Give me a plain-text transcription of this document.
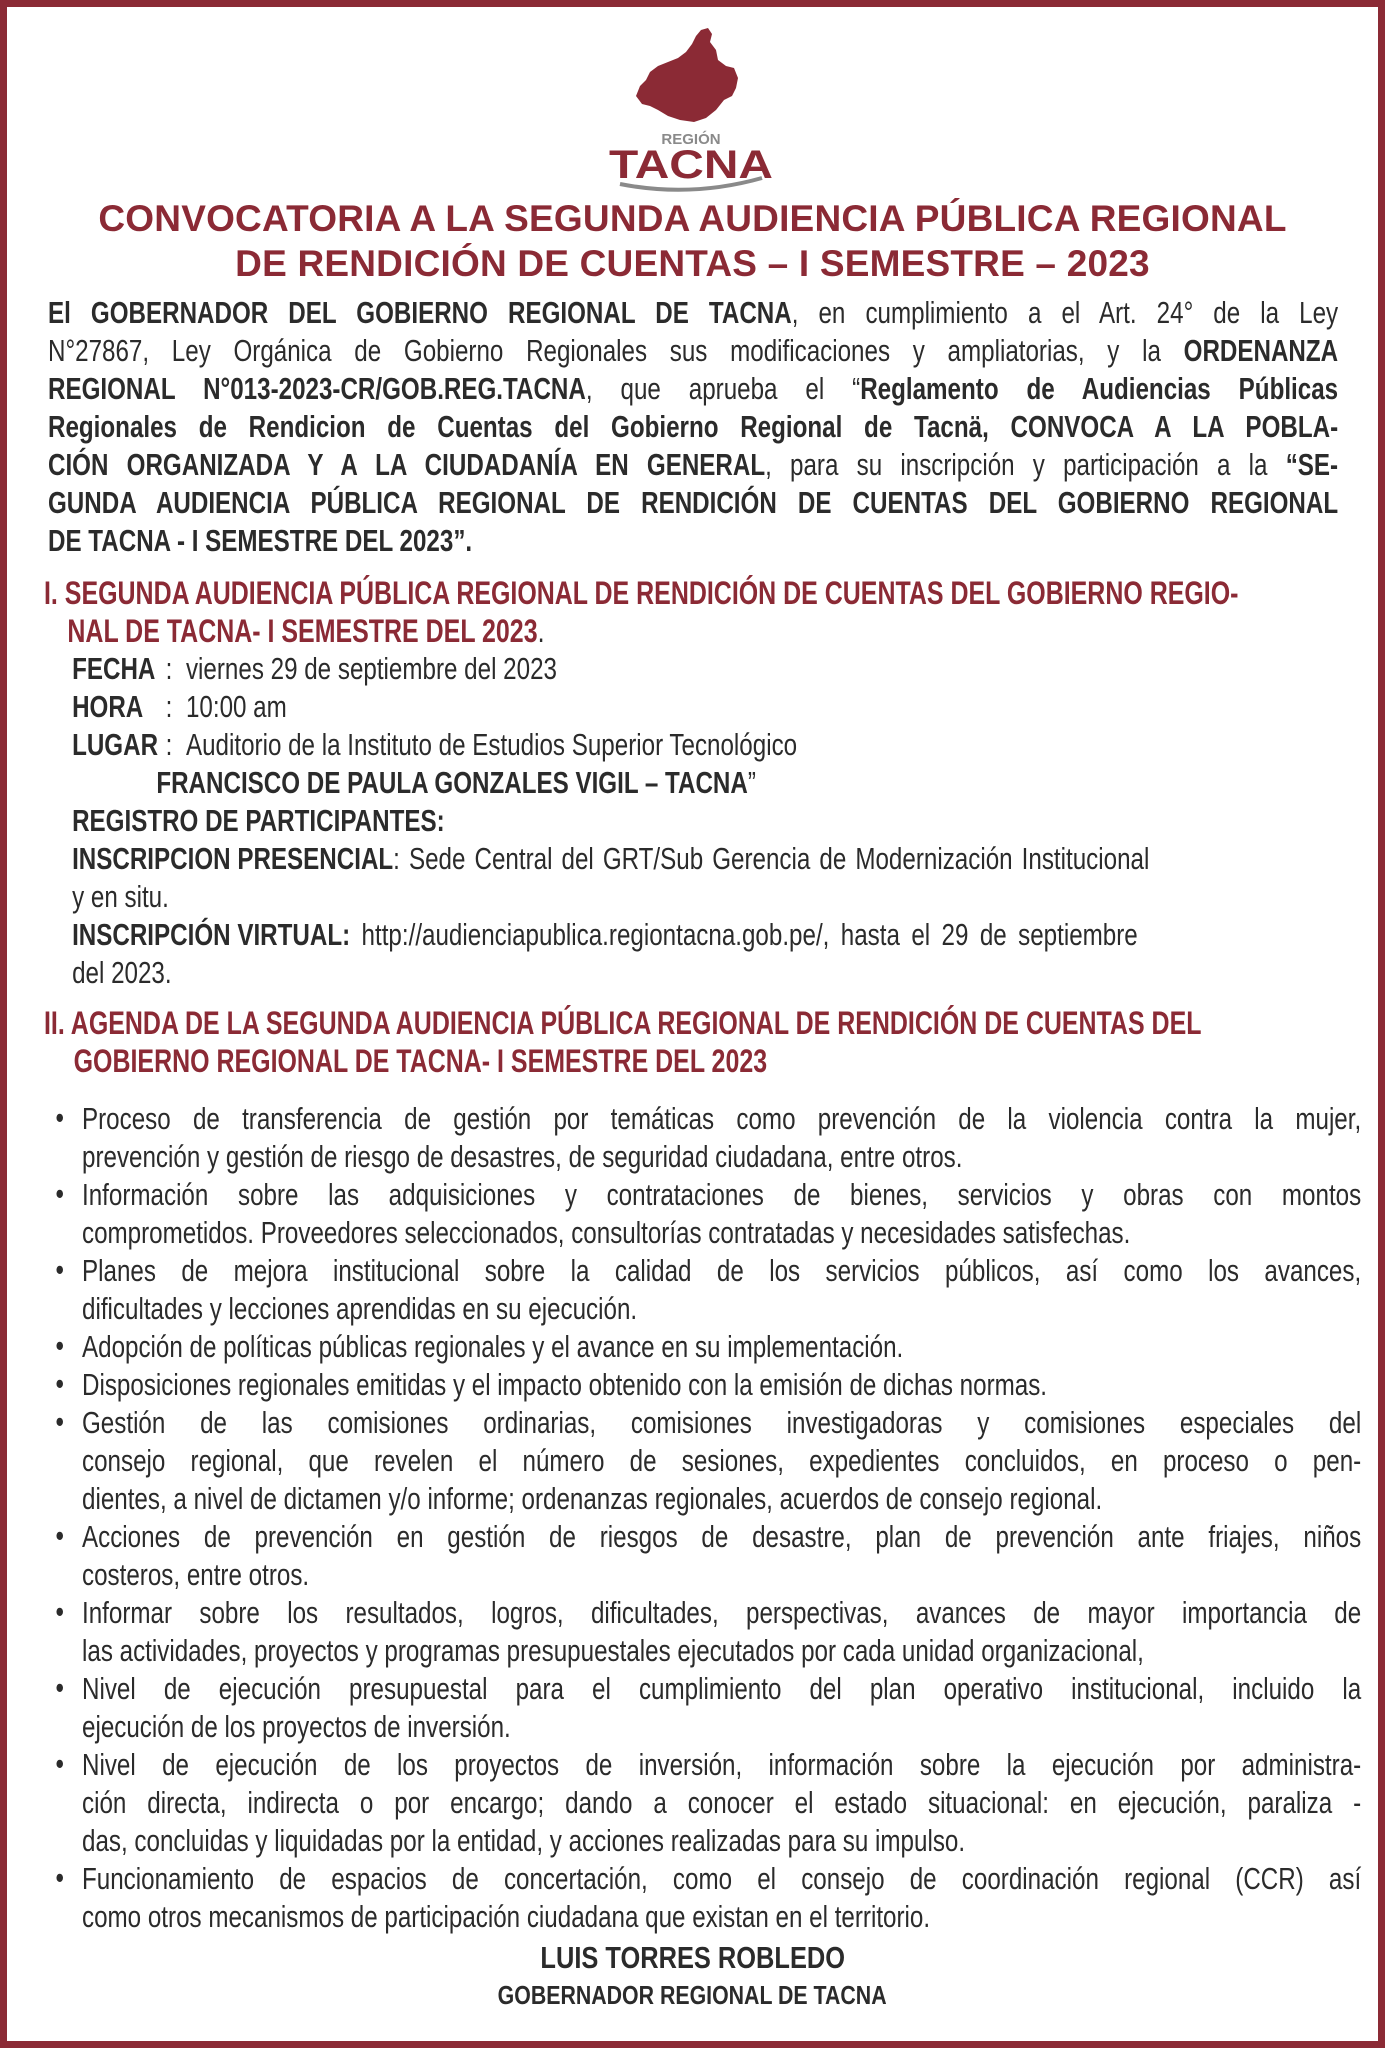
REGIÓN
TACNA
CONVOCATORIA A LA SEGUNDA AUDIENCIA PÚBLICA REGIONAL
DE RENDICIÓN DE CUENTAS – I SEMESTRE – 2023
El GOBERNADOR DEL GOBIERNO REGIONAL DE TACNA, en cumplimiento a el Art. 24° de la Ley
N°27867, Ley Orgánica de Gobierno Regionales sus modificaciones y ampliatorias, y la ORDENANZA
REGIONAL N°013-2023-CR/GOB.REG.TACNA, que aprueba el “Reglamento de Audiencias Públicas
Regionales de Rendicion de Cuentas del Gobierno Regional de Tacnä, CONVOCA A LA POBLA-
CIÓN ORGANIZADA Y A LA CIUDADANÍA EN GENERAL, para su inscripción y participación a la “SE-
GUNDA AUDIENCIA PÚBLICA REGIONAL DE RENDICIÓN DE CUENTAS DEL GOBIERNO REGIONAL
DE TACNA - I SEMESTRE DEL 2023”.
I. SEGUNDA AUDIENCIA PÚBLICA REGIONAL DE RENDICIÓN DE CUENTAS DEL GOBIERNO REGIO-
NAL DE TACNA- I SEMESTRE DEL 2023.
FECHA : viernes 29 de septiembre del 2023
HORA : 10:00 am
LUGAR : Auditorio de la Instituto de Estudios Superior Tecnológico
FRANCISCO DE PAULA GONZALES VIGIL – TACNA”
REGISTRO DE PARTICIPANTES:
INSCRIPCION PRESENCIAL: Sede Central del GRT/Sub Gerencia de Modernización Institucional
y en situ.
INSCRIPCIÓN VIRTUAL: http://audienciapublica.regiontacna.gob.pe/, hasta el 29 de septiembre
del 2023.
II. AGENDA DE LA SEGUNDA AUDIENCIA PÚBLICA REGIONAL DE RENDICIÓN DE CUENTAS DEL
GOBIERNO REGIONAL DE TACNA- I SEMESTRE DEL 2023
• Proceso de transferencia de gestión por temáticas como prevención de la violencia contra la mujer,
prevención y gestión de riesgo de desastres, de seguridad ciudadana, entre otros.
• Información sobre las adquisiciones y contrataciones de bienes, servicios y obras con montos
comprometidos. Proveedores seleccionados, consultorías contratadas y necesidades satisfechas.
• Planes de mejora institucional sobre la calidad de los servicios públicos, así como los avances,
dificultades y lecciones aprendidas en su ejecución.
• Adopción de políticas públicas regionales y el avance en su implementación.
• Disposiciones regionales emitidas y el impacto obtenido con la emisión de dichas normas.
• Gestión de las comisiones ordinarias, comisiones investigadoras y comisiones especiales del
consejo regional, que revelen el número de sesiones, expedientes concluidos, en proceso o pen-
dientes, a nivel de dictamen y/o informe; ordenanzas regionales, acuerdos de consejo regional.
• Acciones de prevención en gestión de riesgos de desastre, plan de prevención ante friajes, niños
costeros, entre otros.
• Informar sobre los resultados, logros, dificultades, perspectivas, avances de mayor importancia de
las actividades, proyectos y programas presupuestales ejecutados por cada unidad organizacional,
• Nivel de ejecución presupuestal para el cumplimiento del plan operativo institucional, incluido la
ejecución de los proyectos de inversión.
• Nivel de ejecución de los proyectos de inversión, información sobre la ejecución por administra-
ción directa, indirecta o por encargo; dando a conocer el estado situacional: en ejecución, paraliza -
das, concluidas y liquidadas por la entidad, y acciones realizadas para su impulso.
• Funcionamiento de espacios de concertación, como el consejo de coordinación regional (CCR) así
como otros mecanismos de participación ciudadana que existan en el territorio.
LUIS TORRES ROBLEDO
GOBERNADOR REGIONAL DE TACNA
